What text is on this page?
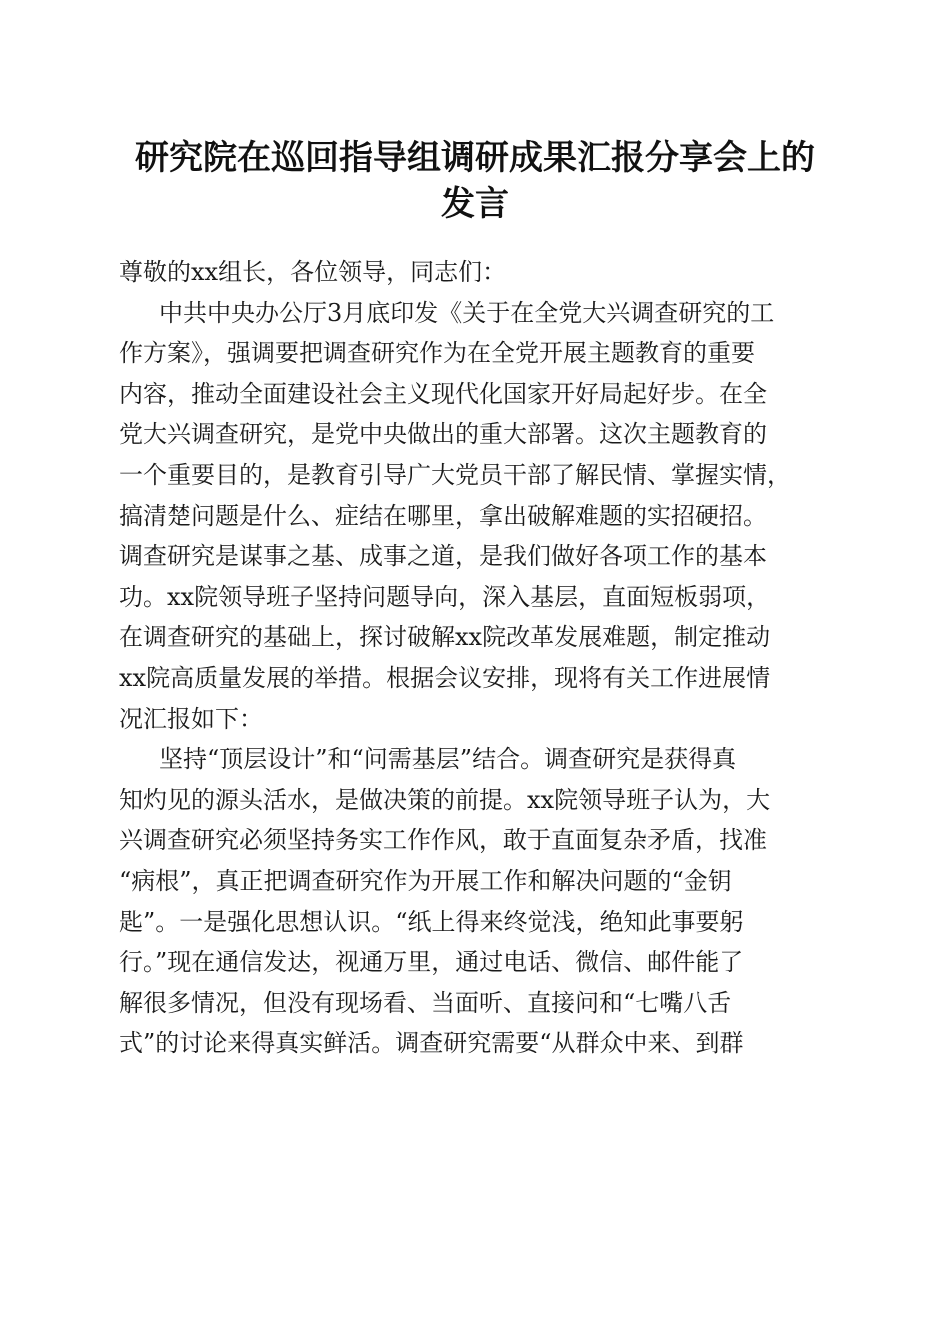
研究院在巡回指导组调研成果汇报分享会上的
发言
尊敬的xx组长，各位领导，同志们：
中共中央办公厅3月底印发《关于在全党大兴调查研究的工
作方案》，强调要把调查研究作为在全党开展主题教育的重要
内容，推动全面建设社会主义现代化国家开好局起好步。在全
党大兴调查研究，是党中央做出的重大部署。这次主题教育的
一个重要目的，是教育引导广大党员干部了解民情、掌握实情，
搞清楚问题是什么、症结在哪里，拿出破解难题的实招硬招。
调查研究是谋事之基、成事之道，是我们做好各项工作的基本
功。xx院领导班子坚持问题导向，深入基层，直面短板弱项，
在调查研究的基础上，探讨破解xx院改革发展难题，制定推动
xx院高质量发展的举措。根据会议安排，现将有关工作进展情
况汇报如下：
坚持“顶层设计”和“问需基层”结合。调查研究是获得真
知灼见的源头活水，是做决策的前提。xx院领导班子认为，大
兴调查研究必须坚持务实工作作风，敢于直面复杂矛盾，找准
“病根”，真正把调查研究作为开展工作和解决问题的“金钥
匙”。一是强化思想认识。“纸上得来终觉浅，绝知此事要躬
行。”现在通信发达，视通万里，通过电话、微信、邮件能了
解很多情况，但没有现场看、当面听、直接问和“七嘴八舌
式”的讨论来得真实鲜活。调查研究需要“从群众中来、到群
